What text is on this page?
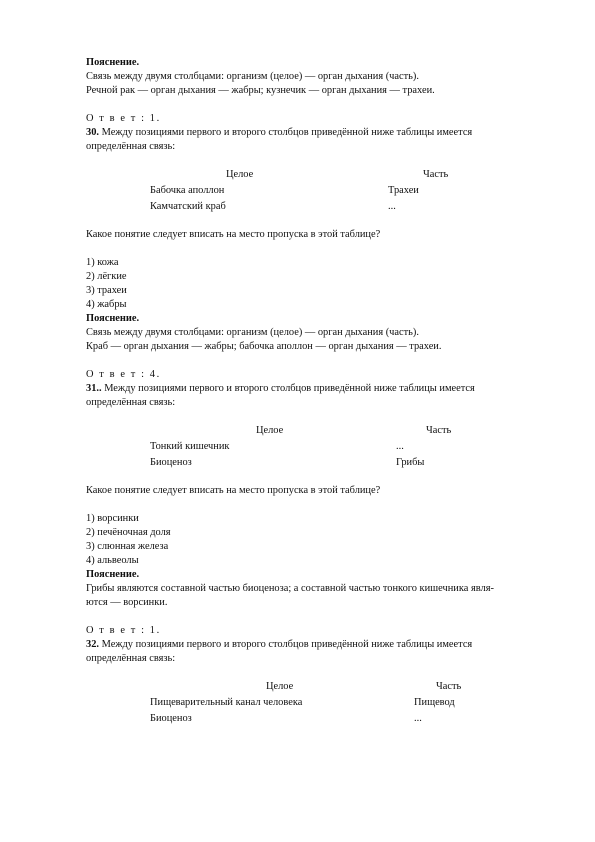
Пояснение.
Связь между двумя столбцами: организм (целое) — орган дыхания (часть).
Речной рак — орган дыхания — жабры; кузнечик — орган дыхания — трахеи.
О т в е т : 1.
30. Между позициями первого и второго столбцов приведённой ниже таблицы имеется
определённая связь:
Целое	Часть
Бабочка аполлон	Трахеи
Камчатский краб	...
Какое понятие следует вписать на место пропуска в этой таблице?
1) кожа
2) лёгкие
3) трахеи
4) жабры
Пояснение.
Связь между двумя столбцами: организм (целое) — орган дыхания (часть).
Краб — орган дыхания — жабры; бабочка аполлон — орган дыхания — трахеи.
О т в е т : 4.
31.. Между позициями первого и второго столбцов приведённой ниже таблицы имеется
определённая связь:
Целое	Часть
Тонкий кишечник	...
Биоценоз	Грибы
Какое понятие следует вписать на место пропуска в этой таблице?
1) ворсинки
2) печёночная доля
3) слюнная железа
4) альвеолы
Пояснение.
Грибы являются составной частью биоценоза; а составной частью тонкого кишечника явля-
ются — ворсинки.
О т в е т : 1.
32. Между позициями первого и второго столбцов приведённой ниже таблицы имеется
определённая связь:
Целое	Часть
Пищеварительный канал человека	Пищевод
Биоценоз	...
